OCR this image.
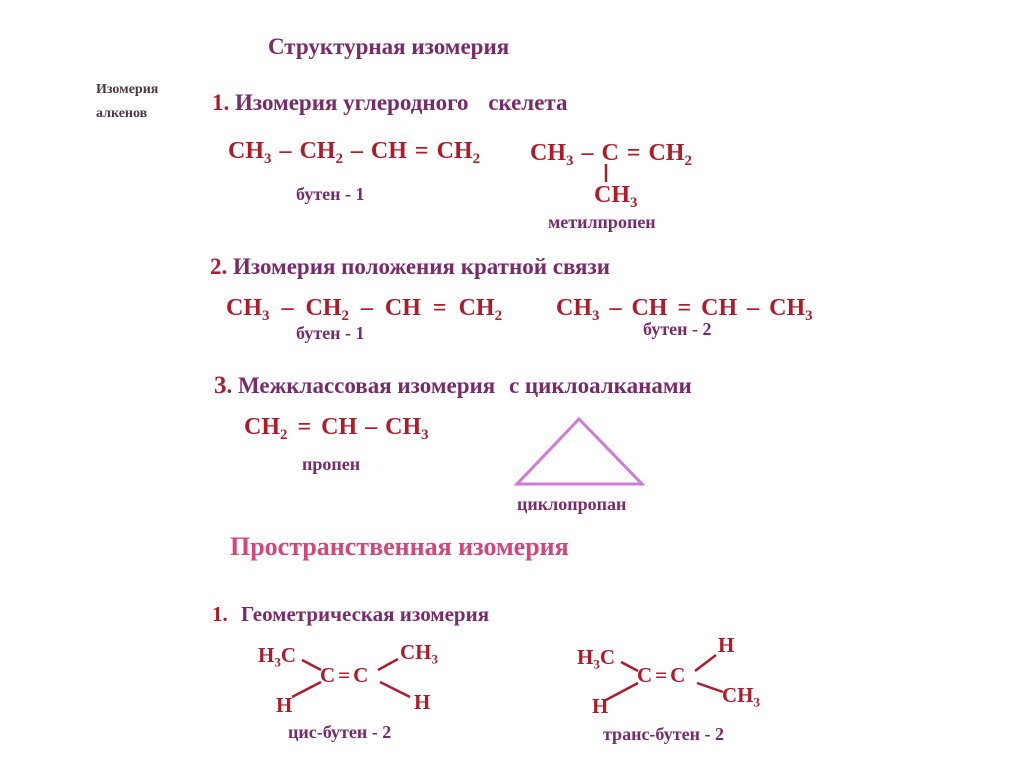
Структурная изомерия
Изомерия
алкенов	1. Изомерия углеродного скелета
$CH_3 - CH_2$ – CH = $CH_2$
бутен - 1
$CH_3 - C = CH_2$
$CH_3$
метилпропен
2. Изомерия положения кратной связи
$CH_3 - CH_2$ – CH = $CH_2$
бутен - 1
$CH_3$ – CH = CH – $CH_3$
бутен - 2
3. Межклассовая изомерия с циклоалканами
$CH_2$ = CH – $CH_3$
пропен
циклопропан
Пространственная изомерия
1. Геометрическая изомерия
$H_3C$	$CH_3$
C = C
H	H
цис-бутен - 2
$H_3C$	H
C = C
H	$CH_3$
транс-бутен - 2
